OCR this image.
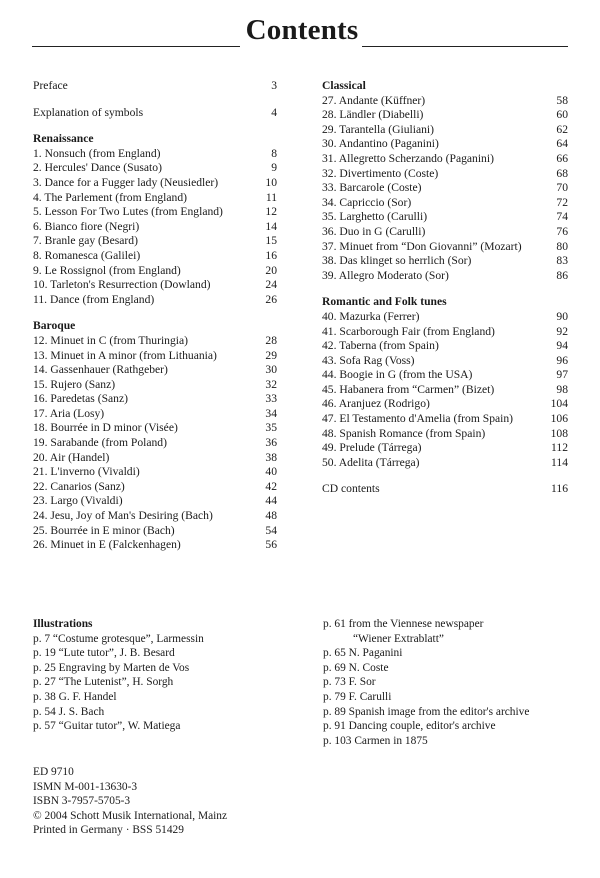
Contents
Preface	3
Explanation of symbols	4
Renaissance
1. Nonsuch (from England)	8
2. Hercules' Dance (Susato)	9
3. Dance for a Fugger lady (Neusiedler)	10
4. The Parlement (from England)	11
5. Lesson For Two Lutes (from England)	12
6. Bianco fiore (Negri)	14
7. Branle gay (Besard)	15
8. Romanesca (Galilei)	16
9. Le Rossignol (from England)	20
10. Tarleton's Resurrection (Dowland)	24
11. Dance (from England)	26
Baroque
12. Minuet in C (from Thuringia)	28
13. Minuet in A minor (from Lithuania)	29
14. Gassenhauer (Rathgeber)	30
15. Rujero (Sanz)	32
16. Paredetas (Sanz)	33
17. Aria (Losy)	34
18. Bourrée in D minor (Visée)	35
19. Sarabande (from Poland)	36
20. Air (Handel)	38
21. L'inverno (Vivaldi)	40
22. Canarios (Sanz)	42
23. Largo (Vivaldi)	44
24. Jesu, Joy of Man's Desiring (Bach)	48
25. Bourrée in E minor (Bach)	54
26. Minuet in E (Falckenhagen)	56
Classical
27. Andante (Küffner)	58
28. Ländler (Diabelli)	60
29. Tarantella (Giuliani)	62
30. Andantino (Paganini)	64
31. Allegretto Scherzando (Paganini)	66
32. Divertimento (Coste)	68
33. Barcarole (Coste)	70
34. Capriccio (Sor)	72
35. Larghetto (Carulli)	74
36. Duo in G (Carulli)	76
37. Minuet from “Don Giovanni” (Mozart)	80
38. Das klinget so herrlich (Sor)	83
39. Allegro Moderato (Sor)	86
Romantic and Folk tunes
40. Mazurka (Ferrer)	90
41. Scarborough Fair (from England)	92
42. Taberna (from Spain)	94
43. Sofa Rag (Voss)	96
44. Boogie in G (from the USA)	97
45. Habanera from “Carmen” (Bizet)	98
46. Aranjuez (Rodrigo)	104
47. El Testamento d'Amelia (from Spain)	106
48. Spanish Romance (from Spain)	108
49. Prelude (Tárrega)	112
50. Adelita (Tárrega)	114
CD contents	116
Illustrations
p. 7 “Costume grotesque”, Larmessin
p. 19 “Lute tutor”, J. B. Besard
p. 25 Engraving by Marten de Vos
p. 27 “The Lutenist”, H. Sorgh
p. 38 G. F. Handel
p. 54 J. S. Bach
p. 57 “Guitar tutor”, W. Matiega
p. 61 from the Viennese newspaper
“Wiener Extrablatt”
p. 65 N. Paganini
p. 69 N. Coste
p. 73 F. Sor
p. 79 F. Carulli
p. 89 Spanish image from the editor's archive
p. 91 Dancing couple, editor's archive
p. 103 Carmen in 1875
ED 9710
ISMN M-001-13630-3
ISBN 3-7957-5705-3
© 2004 Schott Musik International, Mainz
Printed in Germany · BSS 51429
